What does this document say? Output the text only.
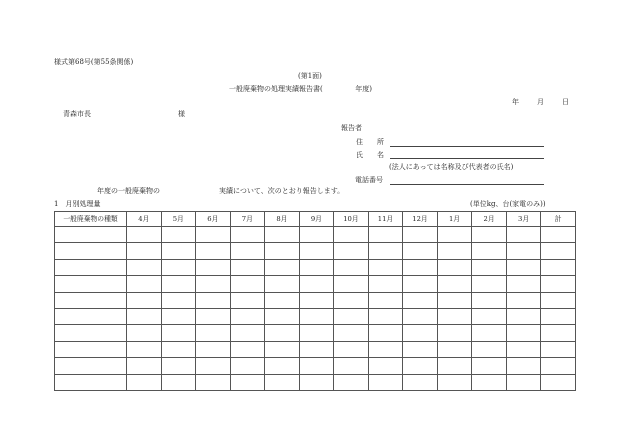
様式第68号(第55条関係)
(第1面)
一般廃棄物の処理実績報告書(	年度)
年	月	日
青森市長	様
報告者
住　　所
氏　　名
(法人にあっては名称及び代表者の氏名)
電話番号
年度の一般廃棄物の	実績について、次のとおり報告します。
1　月別処理量	(単位kg、台(家電のみ))
一般廃棄物の種類	4月	5月	6月	7月	8月	9月	10月	11月	12月	1月	2月	3月	計
